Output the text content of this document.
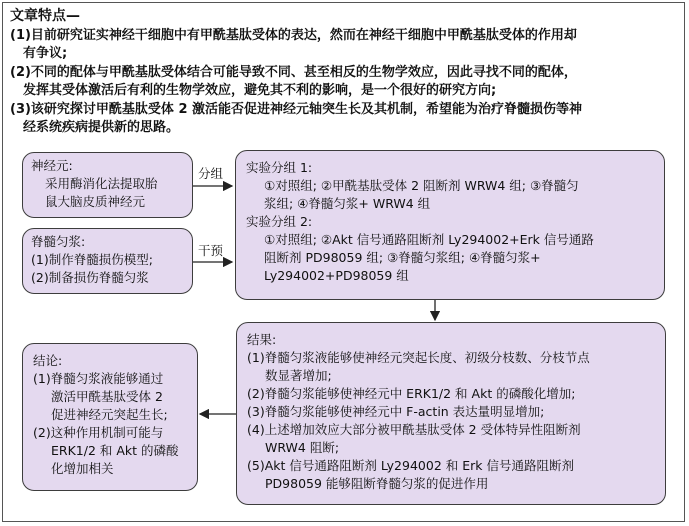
文章特点—
(1)目前研究证实神经干细胞中有甲酰基肽受体的表达，然而在神经干细胞中甲酰基肽受体的作用却
有争议;
(2)不同的配体与甲酰基肽受体结合可能导致不同、甚至相反的生物学效应，因此寻找不同的配体，
发挥其受体激活后有利的生物学效应，避免其不利的影响，是一个很好的研究方向;
(3)该研究探讨甲酰基肽受体 2 激活能否促进神经元轴突生长及其机制，希望能为治疗脊髓损伤等神
经系统疾病提供新的思路。
分组
干预
神经元:
采用酶消化法提取胎
鼠大脑皮质神经元
脊髓匀浆:
(1)制作脊髓损伤模型;
(2)制备损伤脊髓匀浆
实验分组 1:
①对照组; ②甲酰基肽受体 2 阻断剂 WRW4 组; ③脊髓匀
浆组; ④脊髓匀浆+ WRW4 组
实验分组 2:
①对照组; ②Akt 信号通路阻断剂 Ly294002+Erk 信号通路
阻断剂 PD98059 组; ③脊髓匀浆组; ④脊髓匀浆+
Ly294002+PD98059 组
结果:
(1)脊髓匀浆液能够使神经元突起长度、初级分枝数、分枝节点
数显著增加;
(2)脊髓匀浆能够使神经元中 ERK1/2 和 Akt 的磷酸化增加;
(3)脊髓匀浆能够使神经元中 F-actin 表达量明显增加;
(4)上述增加效应大部分被甲酰基肽受体 2 受体特异性阻断剂
WRW4 阻断;
(5)Akt 信号通路阻断剂 Ly294002 和 Erk 信号通路阻断剂
PD98059 能够阻断脊髓匀浆的促进作用
结论:
(1)脊髓匀浆液能够通过
激活甲酰基肽受体 2
促进神经元突起生长;
(2)这种作用机制可能与
ERK1/2 和 Akt 的磷酸
化增加相关
